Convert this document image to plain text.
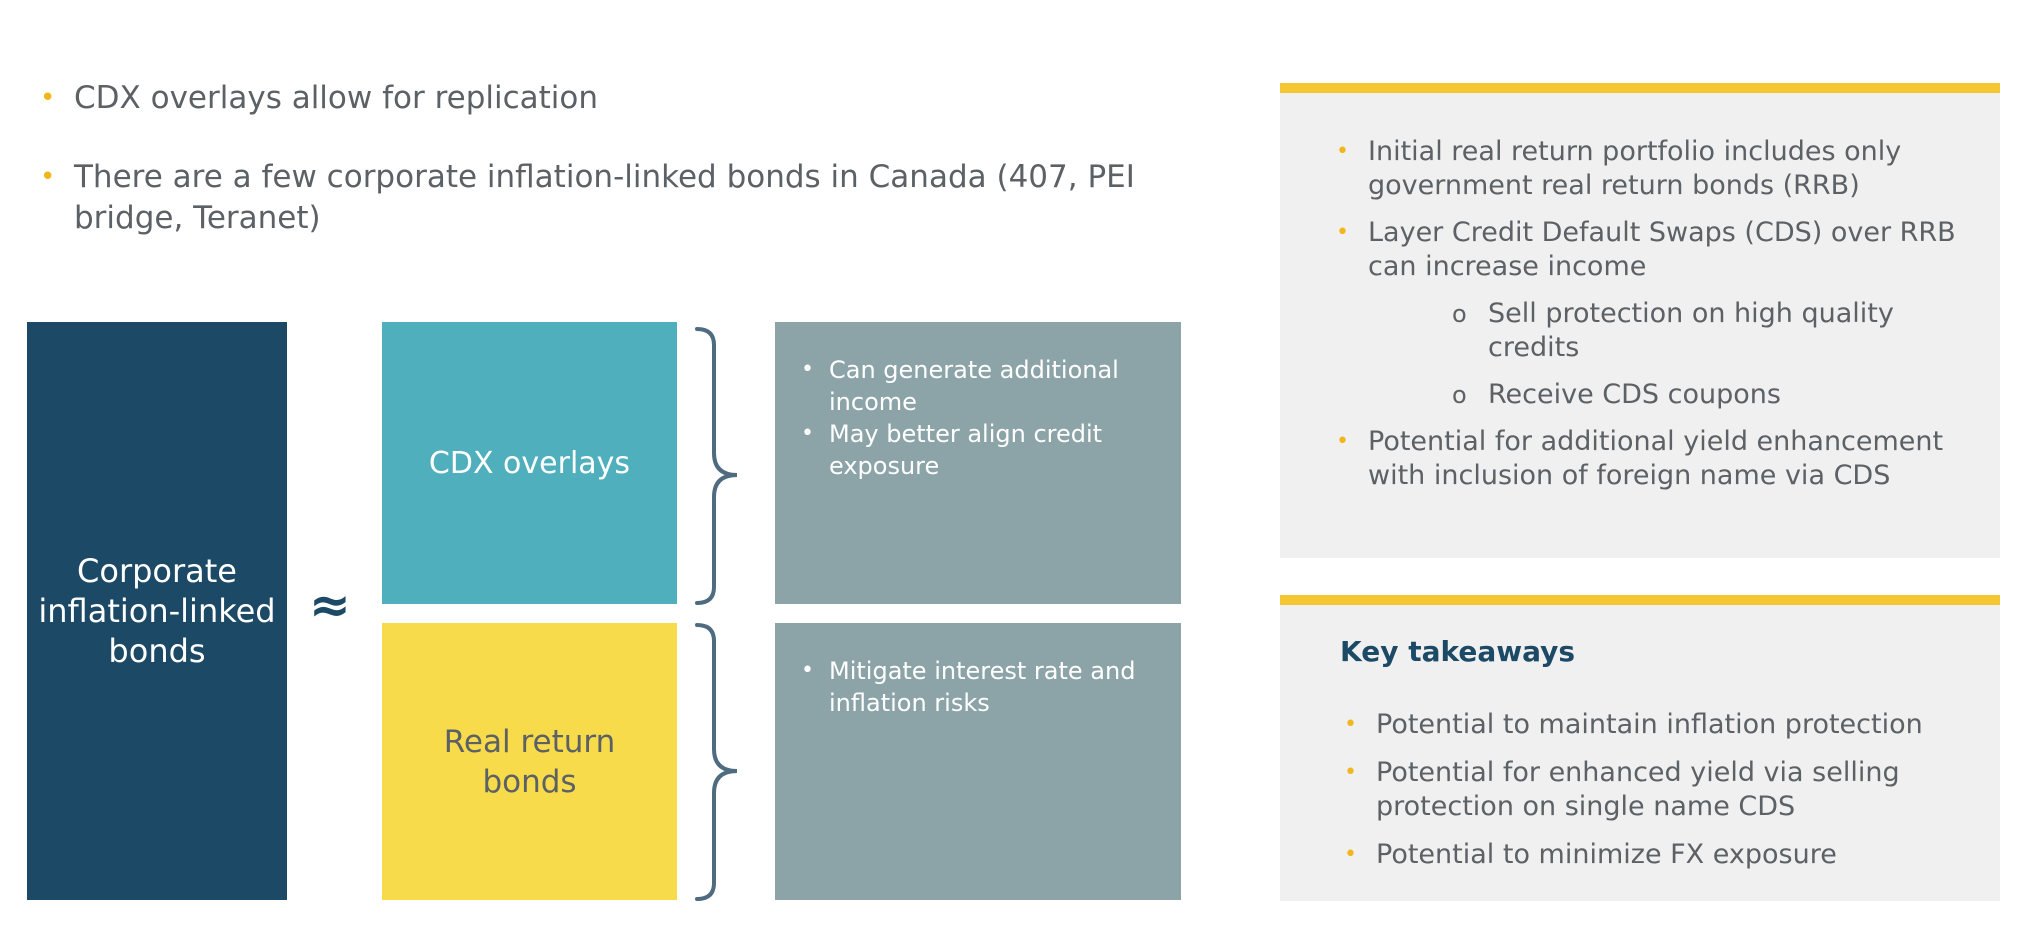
• CDX overlays allow for replication
• There are a few corporate inflation-linked bonds in Canada (407, PEI bridge, Teranet)
Corporate inflation-linked bonds
≈
CDX overlays
Real return bonds
• Can generate additional income
• May better align credit exposure
• Mitigate interest rate and inflation risks
• Initial real return portfolio includes only government real return bonds (RRB)
• Layer Credit Default Swaps (CDS) over RRB can increase income
o Sell protection on high quality credits
o Receive CDS coupons
• Potential for additional yield enhancement with inclusion of foreign name via CDS
Key takeaways
• Potential to maintain inflation protection
• Potential for enhanced yield via selling protection on single name CDS
• Potential to minimize FX exposure
